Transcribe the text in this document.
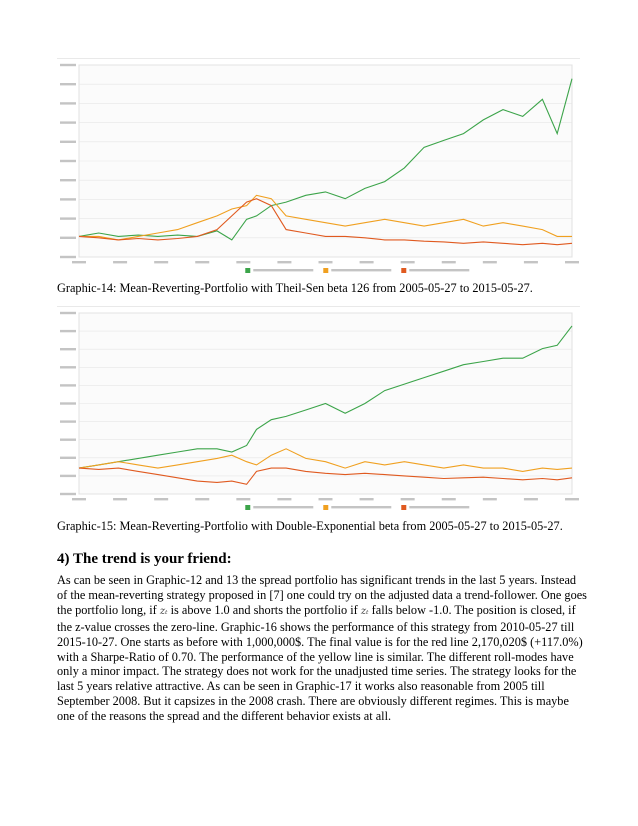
Graphic-14: Mean-Reverting-Portfolio with Theil-Sen beta 126 from 2005-05-27 to 2015-05-27.
Graphic-15: Mean-Reverting-Portfolio with Double-Exponential beta from 2005-05-27 to 2015-05-27.
4) The trend is your friend:

As can be seen in Graphic-12 and 13 the spread portfolio has significant trends in the last 5 years. Instead of the mean-reverting strategy proposed in [7] one could try on the adjusted data a trend-follower. One goes the portfolio long, if zₜ is above 1.0 and shorts the portfolio if zₜ falls below -1.0. The position is closed, if the z-value crosses the zero-line. Graphic-16 shows the performance of this strategy from 2010-05-27 till 2015-10-27. One starts as before with 1,000,000$. The final value is for the red line 2,170,020$ (+117.0%) with a Sharpe-Ratio of 0.70. The performance of the yellow line is similar. The different roll-modes have only a minor impact. The strategy does not work for the unadjusted time series. The strategy looks for the last 5 years relative attractive. As can be seen in Graphic-17 it works also reasonable from 2005 till September 2008. But it capsizes in the 2008 crash. There are obviously different regimes. This is maybe one of the reasons the spread and the different behavior exists at all.
